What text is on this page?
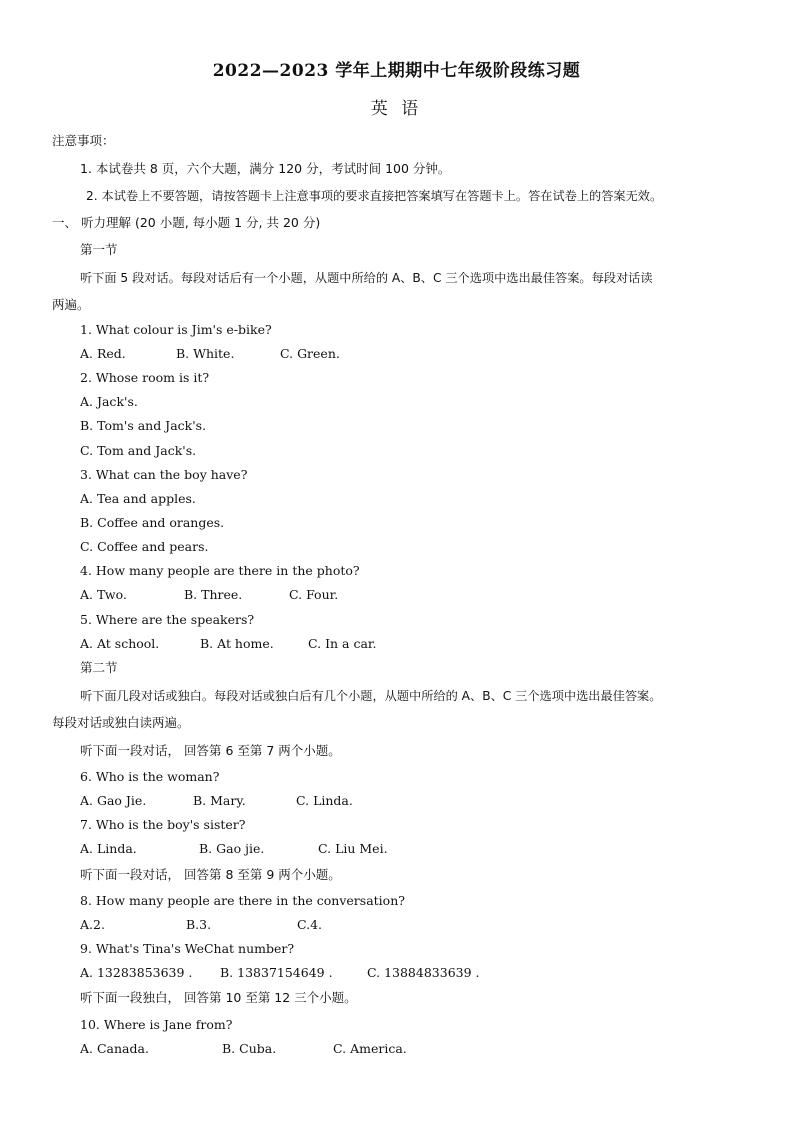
2022—2023 学年上期期中七年级阶段练习题
英 语
注意事项：
1. 本试卷共 8 页，六个大题，满分 120 分，考试时间 100 分钟。
2. 本试卷上不要答题，请按答题卡上注意事项的要求直接把答案填写在答题卡上。答在试卷上的答案无效。
一、 听力理解 (20 小题, 每小题 1 分, 共 20 分)
第一节
听下面 5 段对话。每段对话后有一个小题，从题中所给的 A、B、C 三个选项中选出最佳答案。每段对话读
两遍。
1. What colour is Jim's e-bike?
A. Red.	B. White.	C. Green.
2. Whose room is it?
A. Jack's.
B. Tom's and Jack's.
C. Tom and Jack's.
3. What can the boy have?
A. Tea and apples.
B. Coffee and oranges.
C. Coffee and pears.
4. How many people are there in the photo?
A. Two.	B. Three.	C. Four.
5. Where are the speakers?
A. At school.	B. At home.	C. In a car.
第二节
听下面几段对话或独白。每段对话或独白后有几个小题，从题中所给的 A、B、C 三个选项中选出最佳答案。
每段对话或独白读两遍。
听下面一段对话， 回答第 6 至第 7 两个小题。
6. Who is the woman?
A. Gao Jie.	B. Mary.	C. Linda.
7. Who is the boy's sister?
A. Linda.	B. Gao jie.	C. Liu Mei.
听下面一段对话， 回答第 8 至第 9 两个小题。
8. How many people are there in the conversation?
A.2.	B.3.	C.4.
9. What's Tina's WeChat number?
A. 13283853639 . B. 13837154649 .	C. 13884833639 .
听下面一段独白， 回答第 10 至第 12 三个小题。
10. Where is Jane from?
A. Canada.	B. Cuba.	C. America.
